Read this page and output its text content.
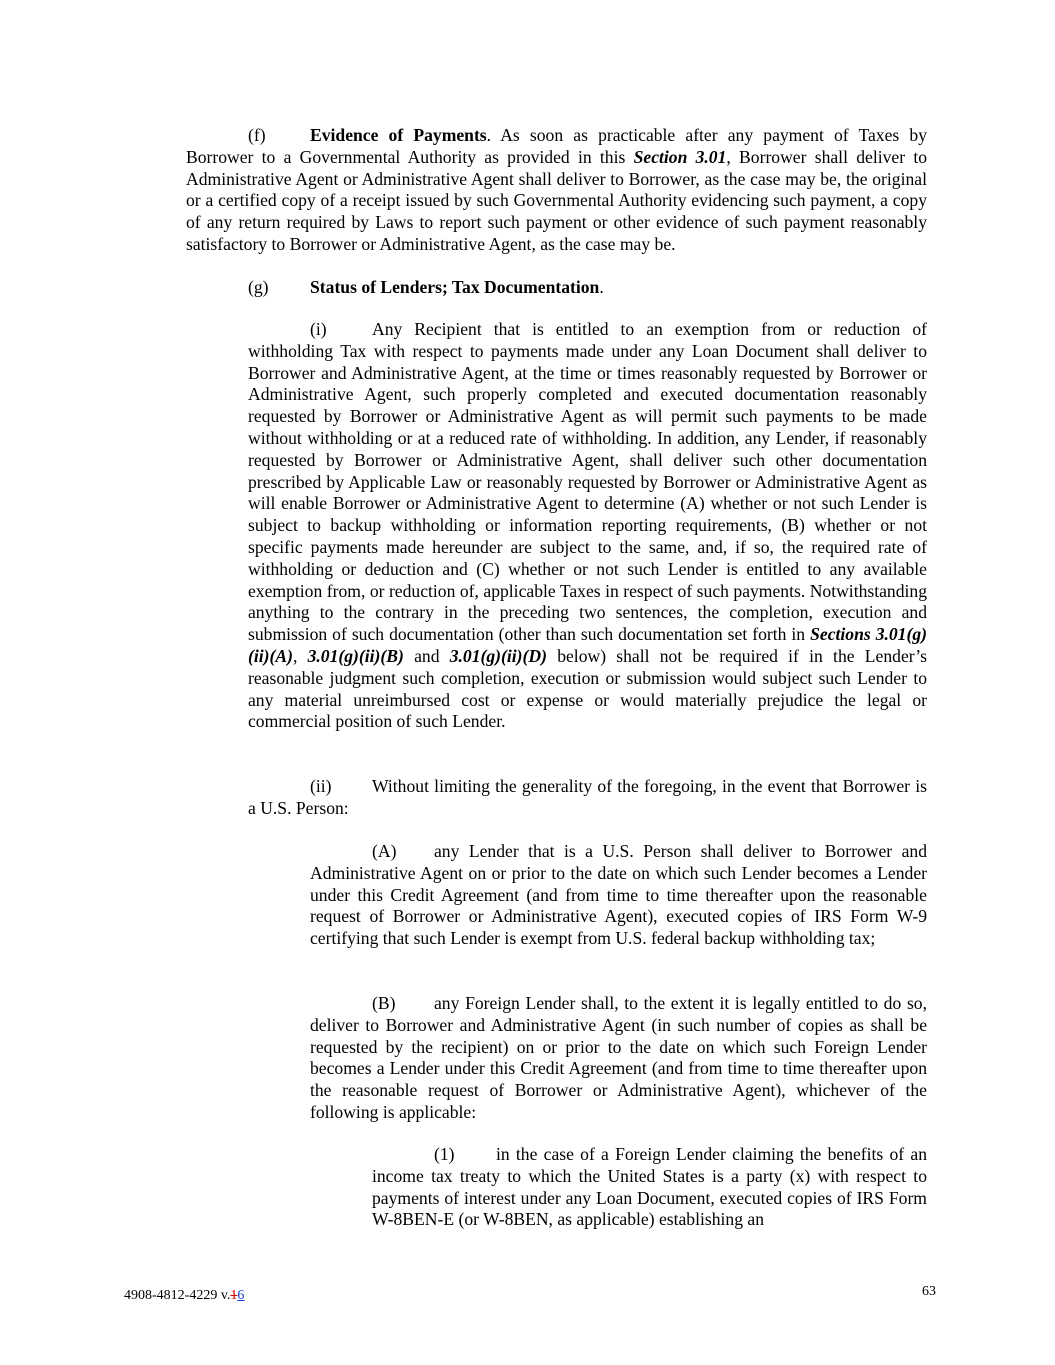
(f)	Evidence of Payments. As soon as practicable after any payment of Taxes by Borrower to a Governmental Authority as provided in this Section 3.01, Borrower shall deliver to Administrative Agent or Administrative Agent shall deliver to Borrower, as the case may be, the original or a certified copy of a receipt issued by such Governmental Authority evidencing such payment, a copy of any return required by Laws to report such payment or other evidence of such payment reasonably satisfactory to Borrower or Administrative Agent, as the case may be.

(g) Status of Lenders; Tax Documentation.

(i)	Any Recipient that is entitled to an exemption from or reduction of withholding Tax with respect to payments made under any Loan Document shall deliver to Borrower and Administrative Agent, at the time or times reasonably requested by Borrower or Administrative Agent, such properly completed and executed documentation reasonably requested by Borrower or Administrative Agent as will permit such payments to be made without withholding or at a reduced rate of withholding. In addition, any Lender, if reasonably requested by Borrower or Administrative Agent, shall deliver such other documentation prescribed by Applicable Law or reasonably requested by Borrower or Administrative Agent as will enable Borrower or Administrative Agent to determine (A) whether or not such Lender is subject to backup withholding or information reporting requirements, (B) whether or not specific payments made hereunder are subject to the same, and, if so, the required rate of withholding or deduction and (C) whether or not such Lender is entitled to any available exemption from, or reduction of, applicable Taxes in respect of such payments. Notwithstanding anything to the contrary in the preceding two sentences, the completion, execution and submission of such documentation (other than such documentation set forth in Sections 3.01(g)(ii)(A), 3.01(g)(ii)(B) and 3.01(g)(ii)(D) below) shall not be required if in the Lender’s reasonable judgment such completion, execution or submission would subject such Lender to any material unreimbursed cost or expense or would materially prejudice the legal or commercial position of such Lender.

(ii) Without limiting the generality of the foregoing, in the event that Borrower is a U.S. Person:

(A) any Lender that is a U.S. Person shall deliver to Borrower and Administrative Agent on or prior to the date on which such Lender becomes a Lender under this Credit Agreement (and from time to time thereafter upon the reasonable request of Borrower or Administrative Agent), executed copies of IRS Form W-9 certifying that such Lender is exempt from U.S. federal backup withholding tax;

(B) any Foreign Lender shall, to the extent it is legally entitled to do so, deliver to Borrower and Administrative Agent (in such number of copies as shall be requested by the recipient) on or prior to the date on which such Foreign Lender becomes a Lender under this Credit Agreement (and from time to time thereafter upon the reasonable request of Borrower or Administrative Agent), whichever of the following is applicable:

(1) in the case of a Foreign Lender claiming the benefits of an income tax treaty to which the United States is a party (x) with respect to payments of interest under any Loan Document, executed copies of IRS Form W-8BEN-E (or W-8BEN, as applicable) establishing an

4908-4812-4229 v.16	63
